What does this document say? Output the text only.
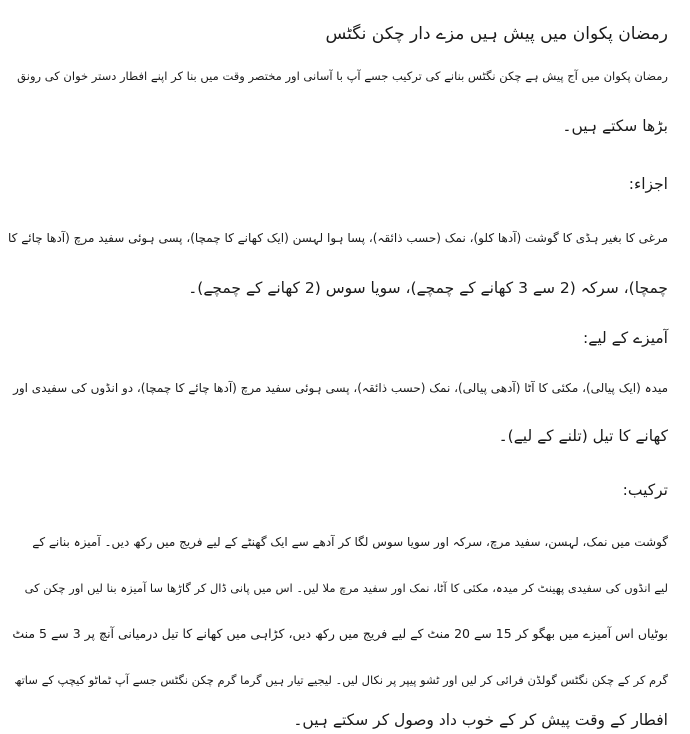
رمضان پکوان میں پیش ہیں مزے دار چکن نگٹس
رمضان پکوان میں آج پیش ہے چکن نگٹس بنانے کی ترکیب جسے آپ با آسانی اور مختصر وقت میں بنا کر اپنے افطار دستر خوان کی رونق
بڑھا سکتے ہیں۔
اجزاء:
مرغی کا بغیر ہڈی کا گوشت (آدھا کلو)، نمک (حسب ذائقہ)، پسا ہوا لہسن (ایک کھانے کا چمچا)، پسی ہوئی سفید مرچ (آدھا چائے کا
چمچا)، سرکہ (2 سے 3 کھانے کے چمچے)، سویا سوس (2 کھانے کے چمچے)۔
آمیزے کے لیے:
میدہ (ایک پیالی)، مکئی کا آٹا (آدھی پیالی)، نمک (حسب ذائقہ)، پسی ہوئی سفید مرچ (آدھا چائے کا چمچا)، دو انڈوں کی سفیدی اور
کھانے کا تیل (تلنے کے لیے)۔
ترکیب:
گوشت میں نمک، لہسن، سفید مرچ، سرکہ اور سویا سوس لگا کر آدھے سے ایک گھنٹے کے لیے فریج میں رکھ دیں۔ آمیزہ بنانے کے
لیے انڈوں کی سفیدی پھینٹ کر میدہ، مکئی کا آٹا، نمک اور سفید مرچ ملا لیں۔ اس میں پانی ڈال کر گاڑھا سا آمیزہ بنا لیں اور چکن کی
بوٹیاں اس آمیزے میں بھگو کر 15 سے 20 منٹ کے لیے فریج میں رکھ دیں، کڑاہی میں کھانے کا تیل درمیانی آنچ پر 3 سے 5 منٹ
گرم کر کے چکن نگٹس گولڈن فرائی کر لیں اور ٹشو پیپر پر نکال لیں۔ لیجیے تیار ہیں گرما گرم چکن نگٹس جسے آپ ٹماٹو کیچپ کے ساتھ
افطار کے وقت پیش کر کے خوب داد وصول کر سکتے ہیں۔
